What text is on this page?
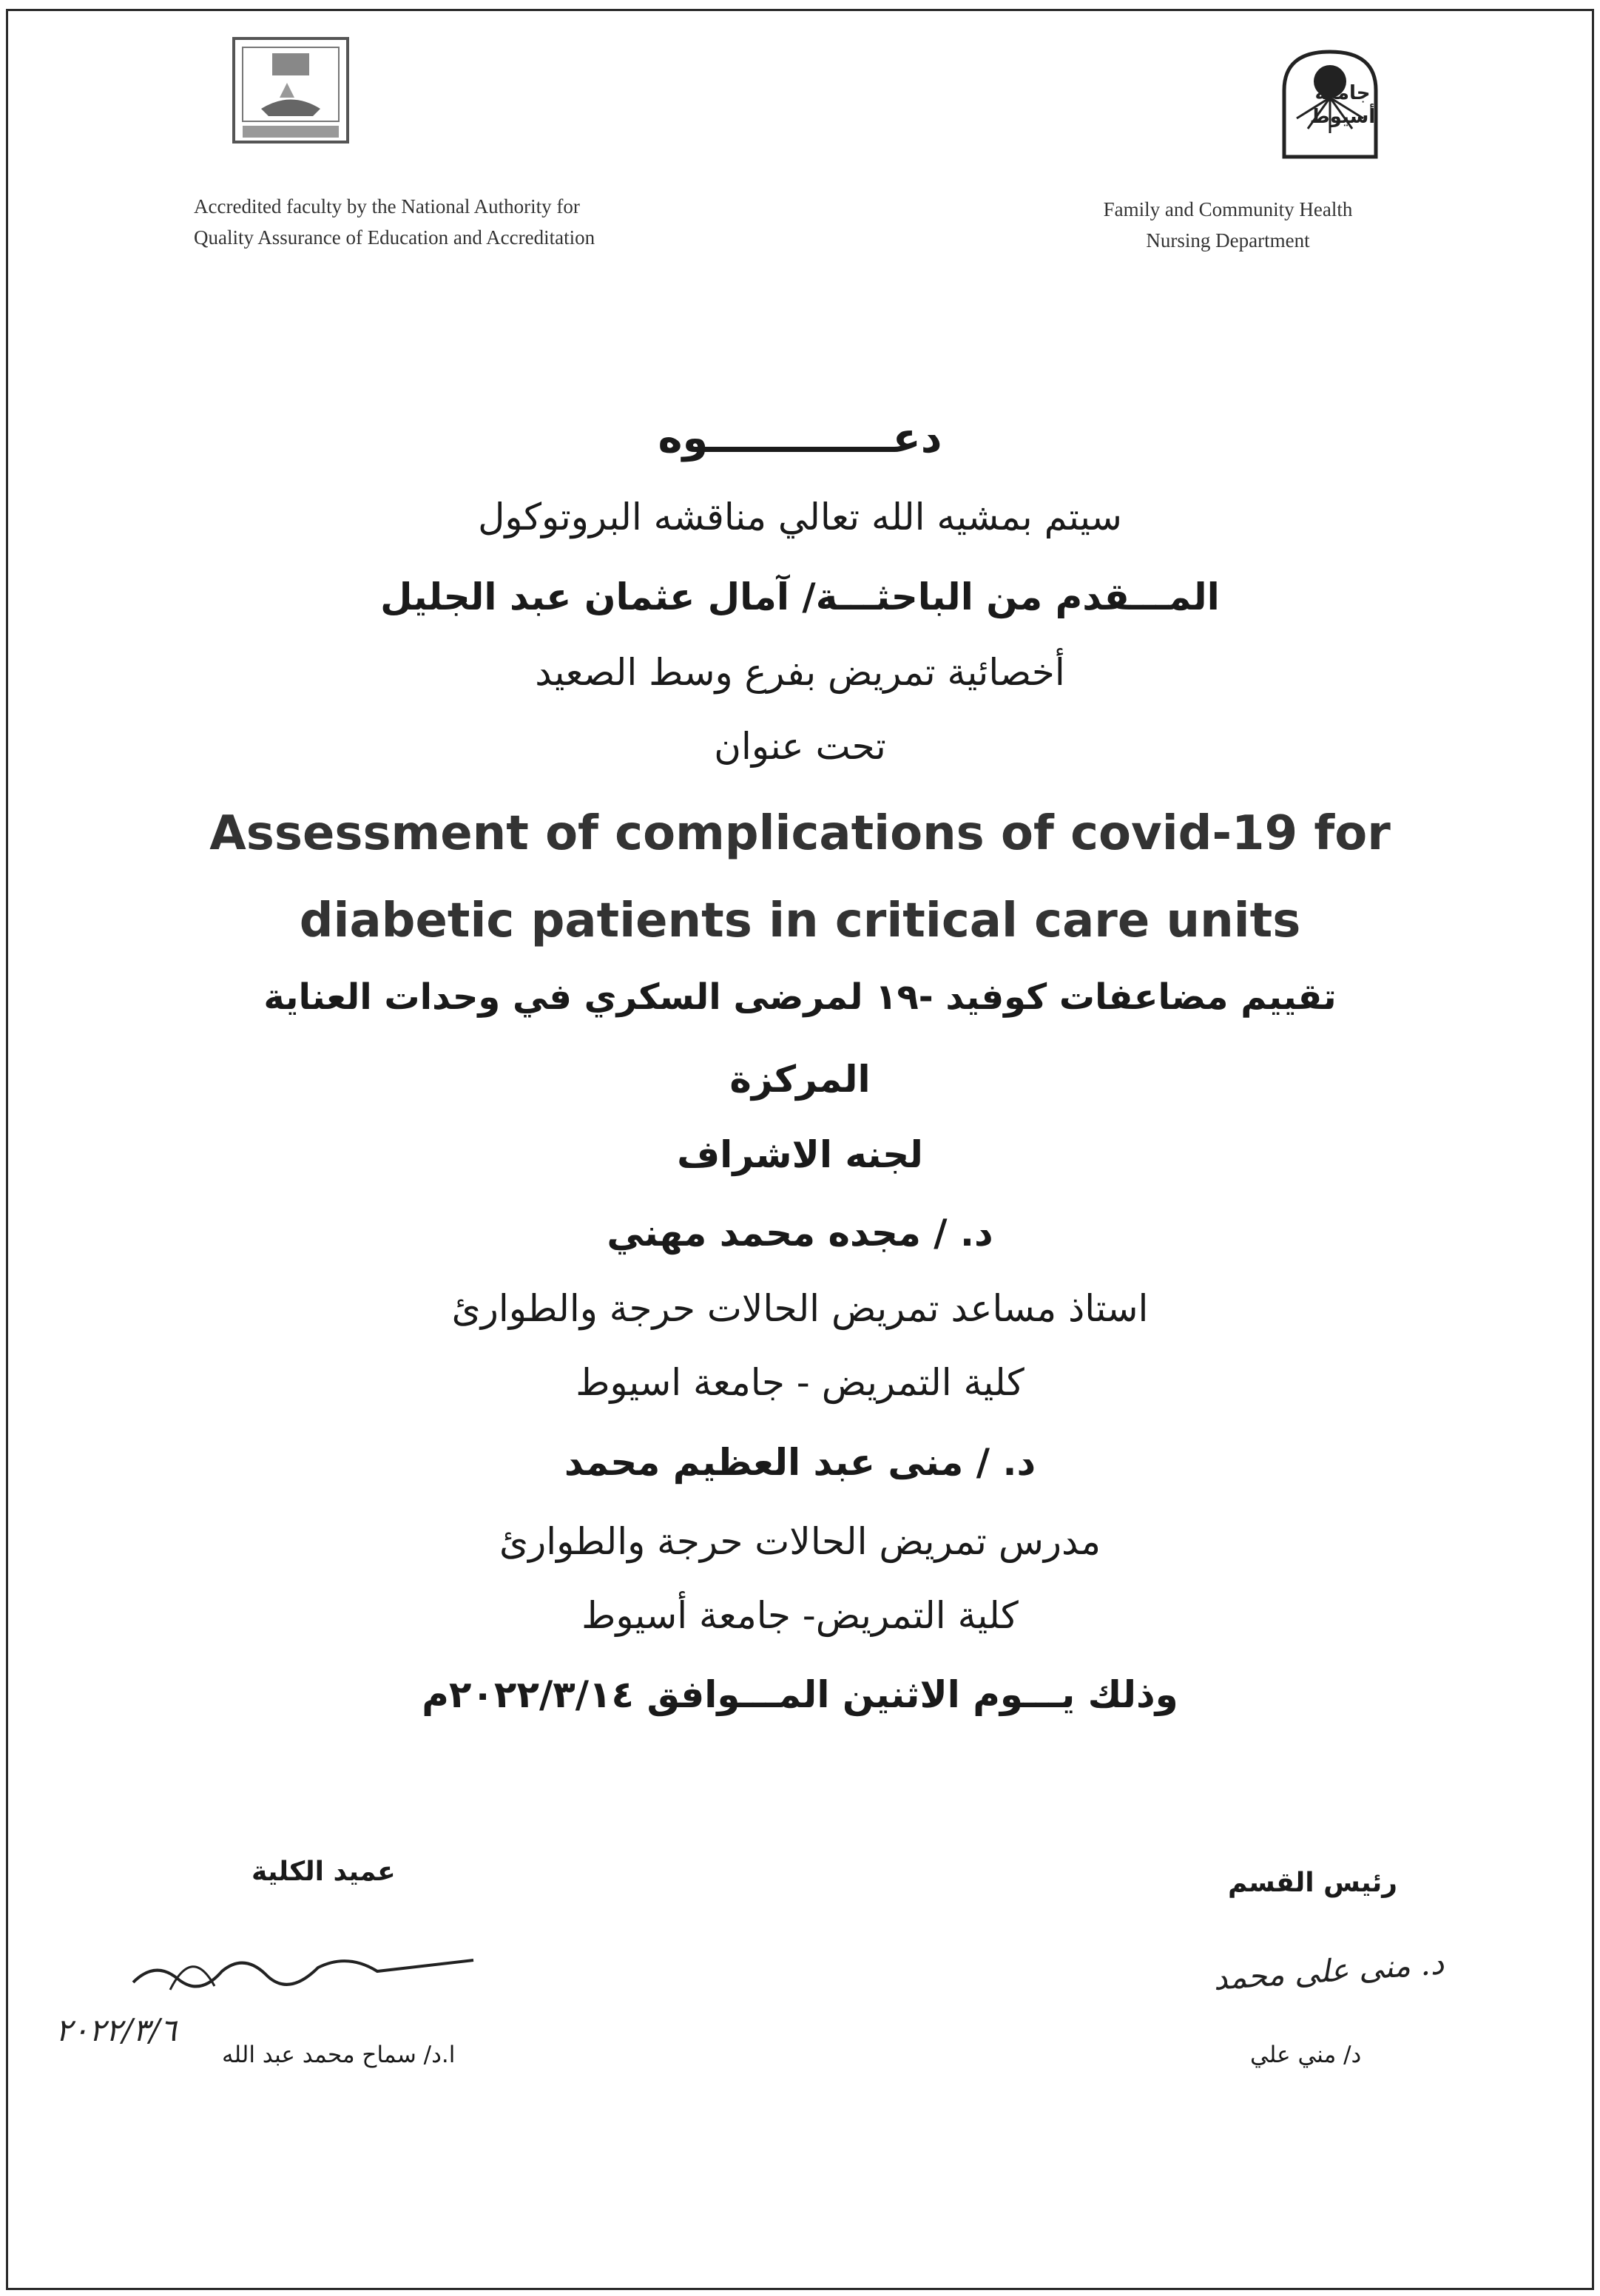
جامعة
أسيوط
Accredited faculty by the National Authority for
Quality Assurance of Education and Accreditation
Family and Community Health
Nursing Department
دعـــــــــــــوه
سيتم بمشيه الله تعالي مناقشه البروتوكول
المـــقدم من الباحثـــة/ آمال عثمان عبد الجليل
أخصائية تمريض بفرع وسط الصعيد
تحت عنوان
Assessment of complications of covid-19 for
diabetic patients in critical care units
تقييم مضاعفات كوفيد -١٩ لمرضى السكري في وحدات العناية
المركزة
لجنه الاشراف
د. / مجده محمد مهني
استاذ مساعد تمريض الحالات حرجة والطوارئ
كلية التمريض - جامعة اسيوط
د. / منى عبد العظيم محمد
مدرس تمريض الحالات حرجة والطوارئ
كلية التمريض- جامعة أسيوط
وذلك يـــوم الاثنين المـــوافق ٢٠٢٢/٣/١٤م
عميد الكلية	رئيس القسم
٢٠٢٢/٣/٦
ا.د/ سماح محمد عبد الله
د. منى على محمد
د/ مني علي
